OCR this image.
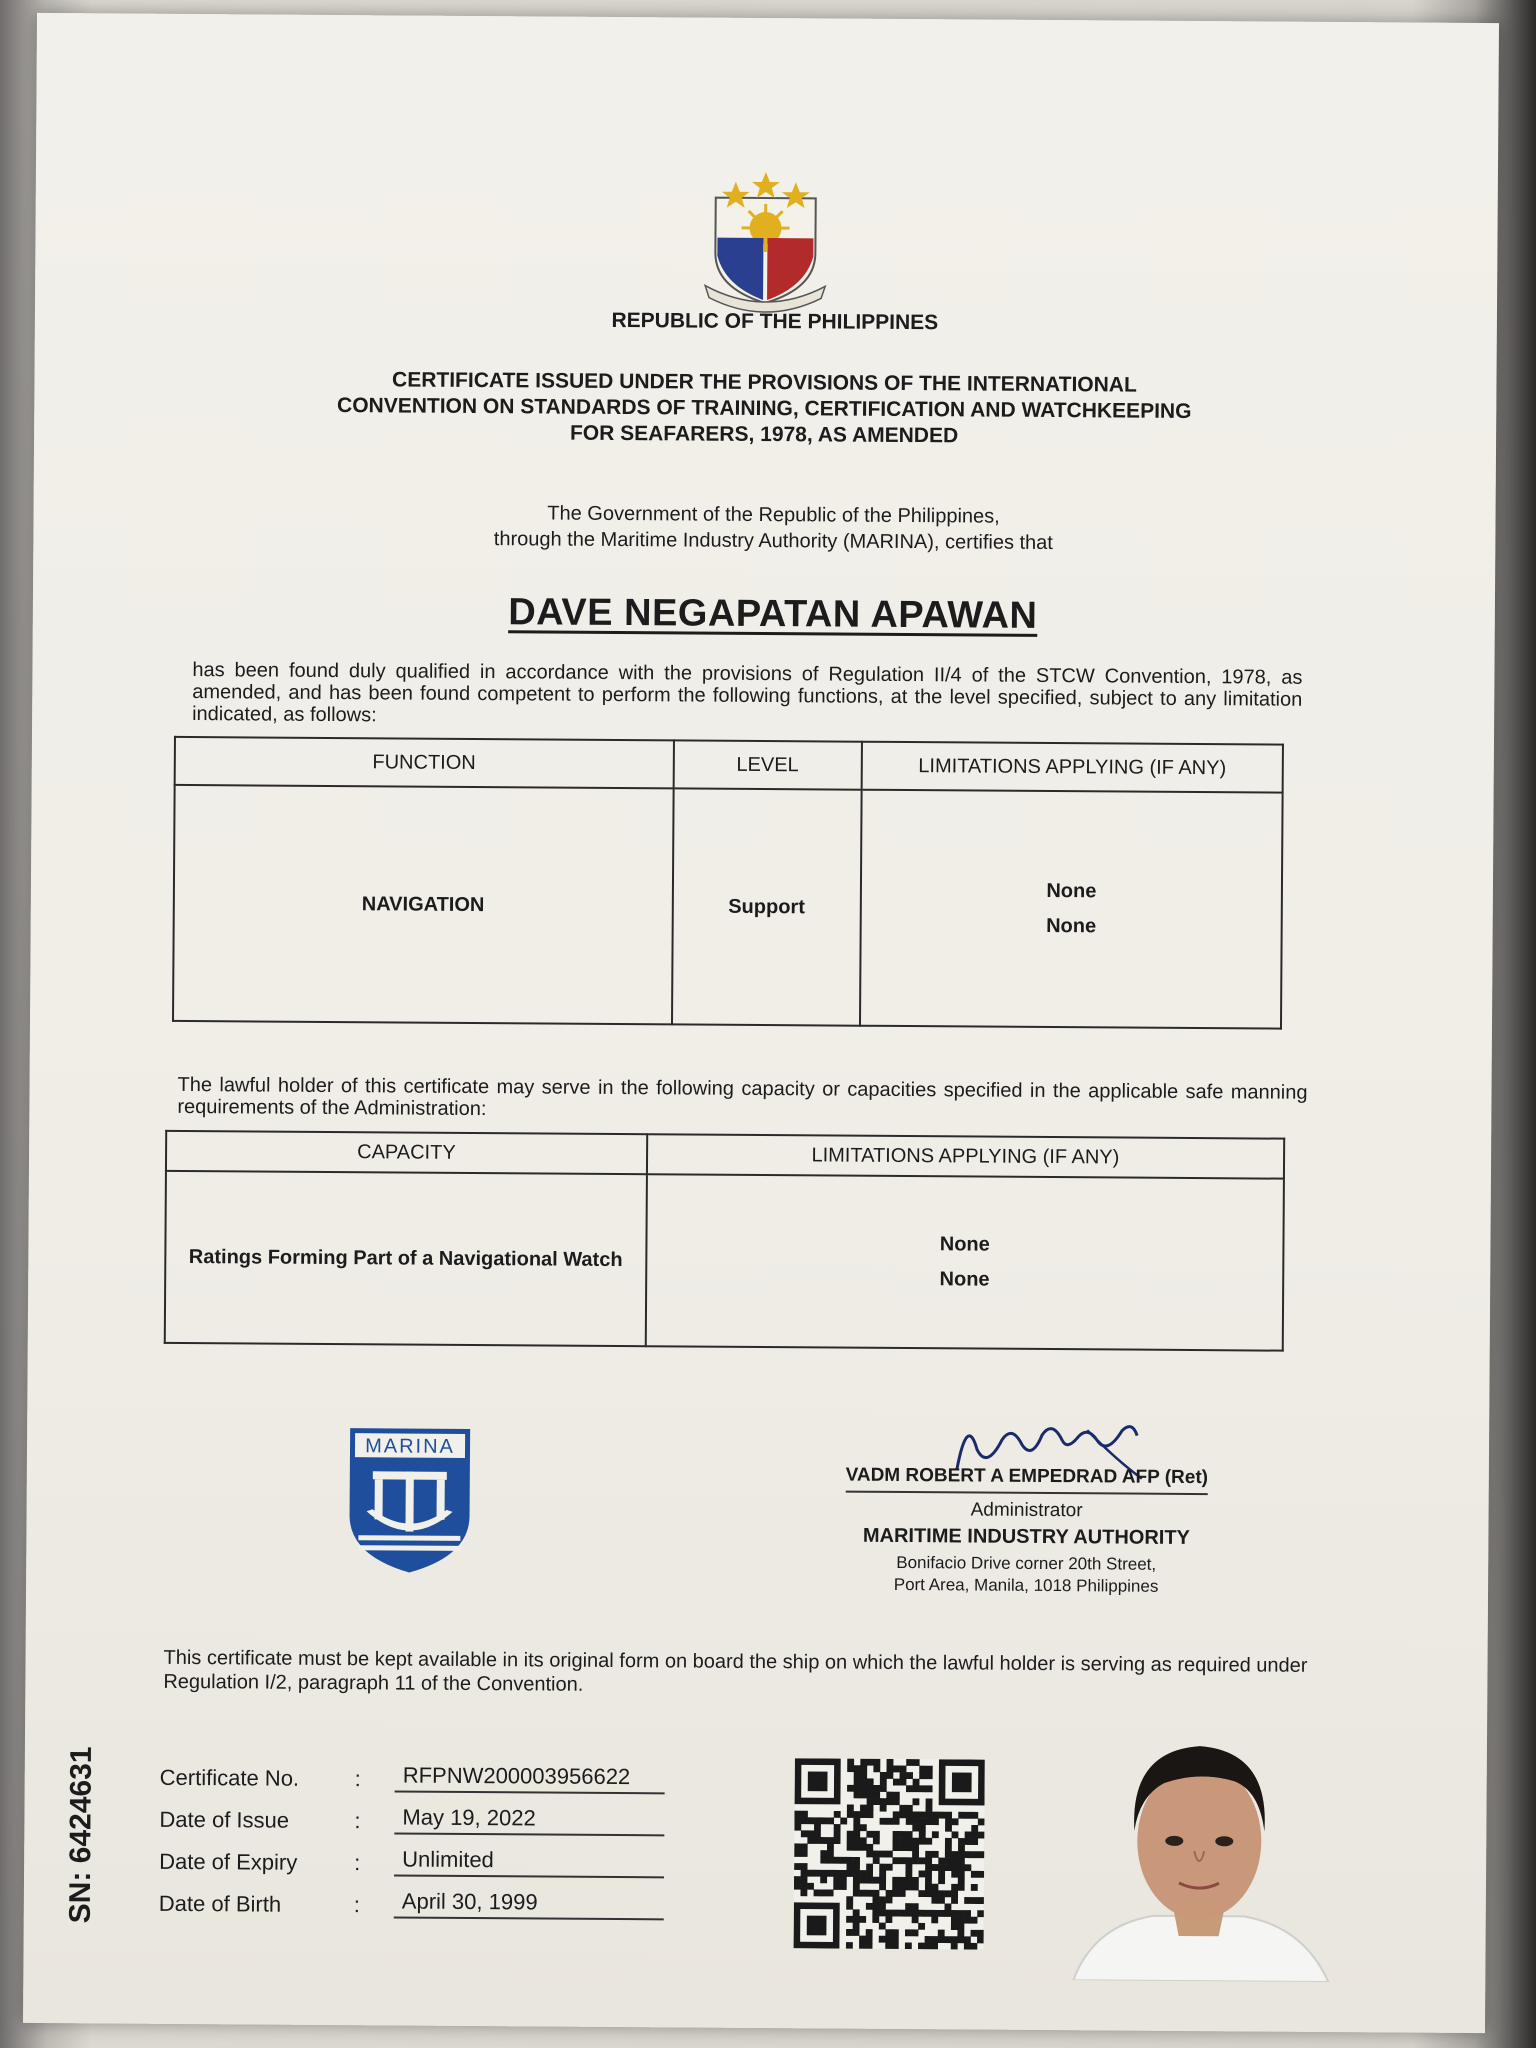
REPUBLIC OF THE PHILIPPINES
CERTIFICATE ISSUED UNDER THE PROVISIONS OF THE INTERNATIONAL
CONVENTION ON STANDARDS OF TRAINING, CERTIFICATION AND WATCHKEEPING
FOR SEAFARERS, 1978, AS AMENDED
The Government of the Republic of the Philippines,
through the Maritime Industry Authority (MARINA), certifies that
DAVE NEGAPATAN APAWAN
has been found duly qualified in accordance with the provisions of Regulation II/4 of the STCW Convention, 1978, as amended, and has been found competent to perform the following functions, at the level specified, subject to any limitation indicated, as follows:
FUNCTION	LEVEL	LIMITATIONS APPLYING (IF ANY)
NAVIGATION	Support	None
None
The lawful holder of this certificate may serve in the following capacity or capacities specified in the applicable safe manning requirements of the Administration:
CAPACITY	LIMITATIONS APPLYING (IF ANY)
Ratings Forming Part of a Navigational Watch	None
None
MARINA
VADM ROBERT A EMPEDRAD AFP (Ret)
Administrator
MARITIME INDUSTRY AUTHORITY
Bonifacio Drive corner 20th Street,
Port Area, Manila, 1018 Philippines
This certificate must be kept available in its original form on board the ship on which the lawful holder is serving as required under Regulation I/2, paragraph 11 of the Convention.
SN: 6424631	Certificate No.	:	RFPNW200003956622
Date of Issue	:	May 19, 2022
Date of Expiry	:	Unlimited
Date of Birth	:	April 30, 1999
